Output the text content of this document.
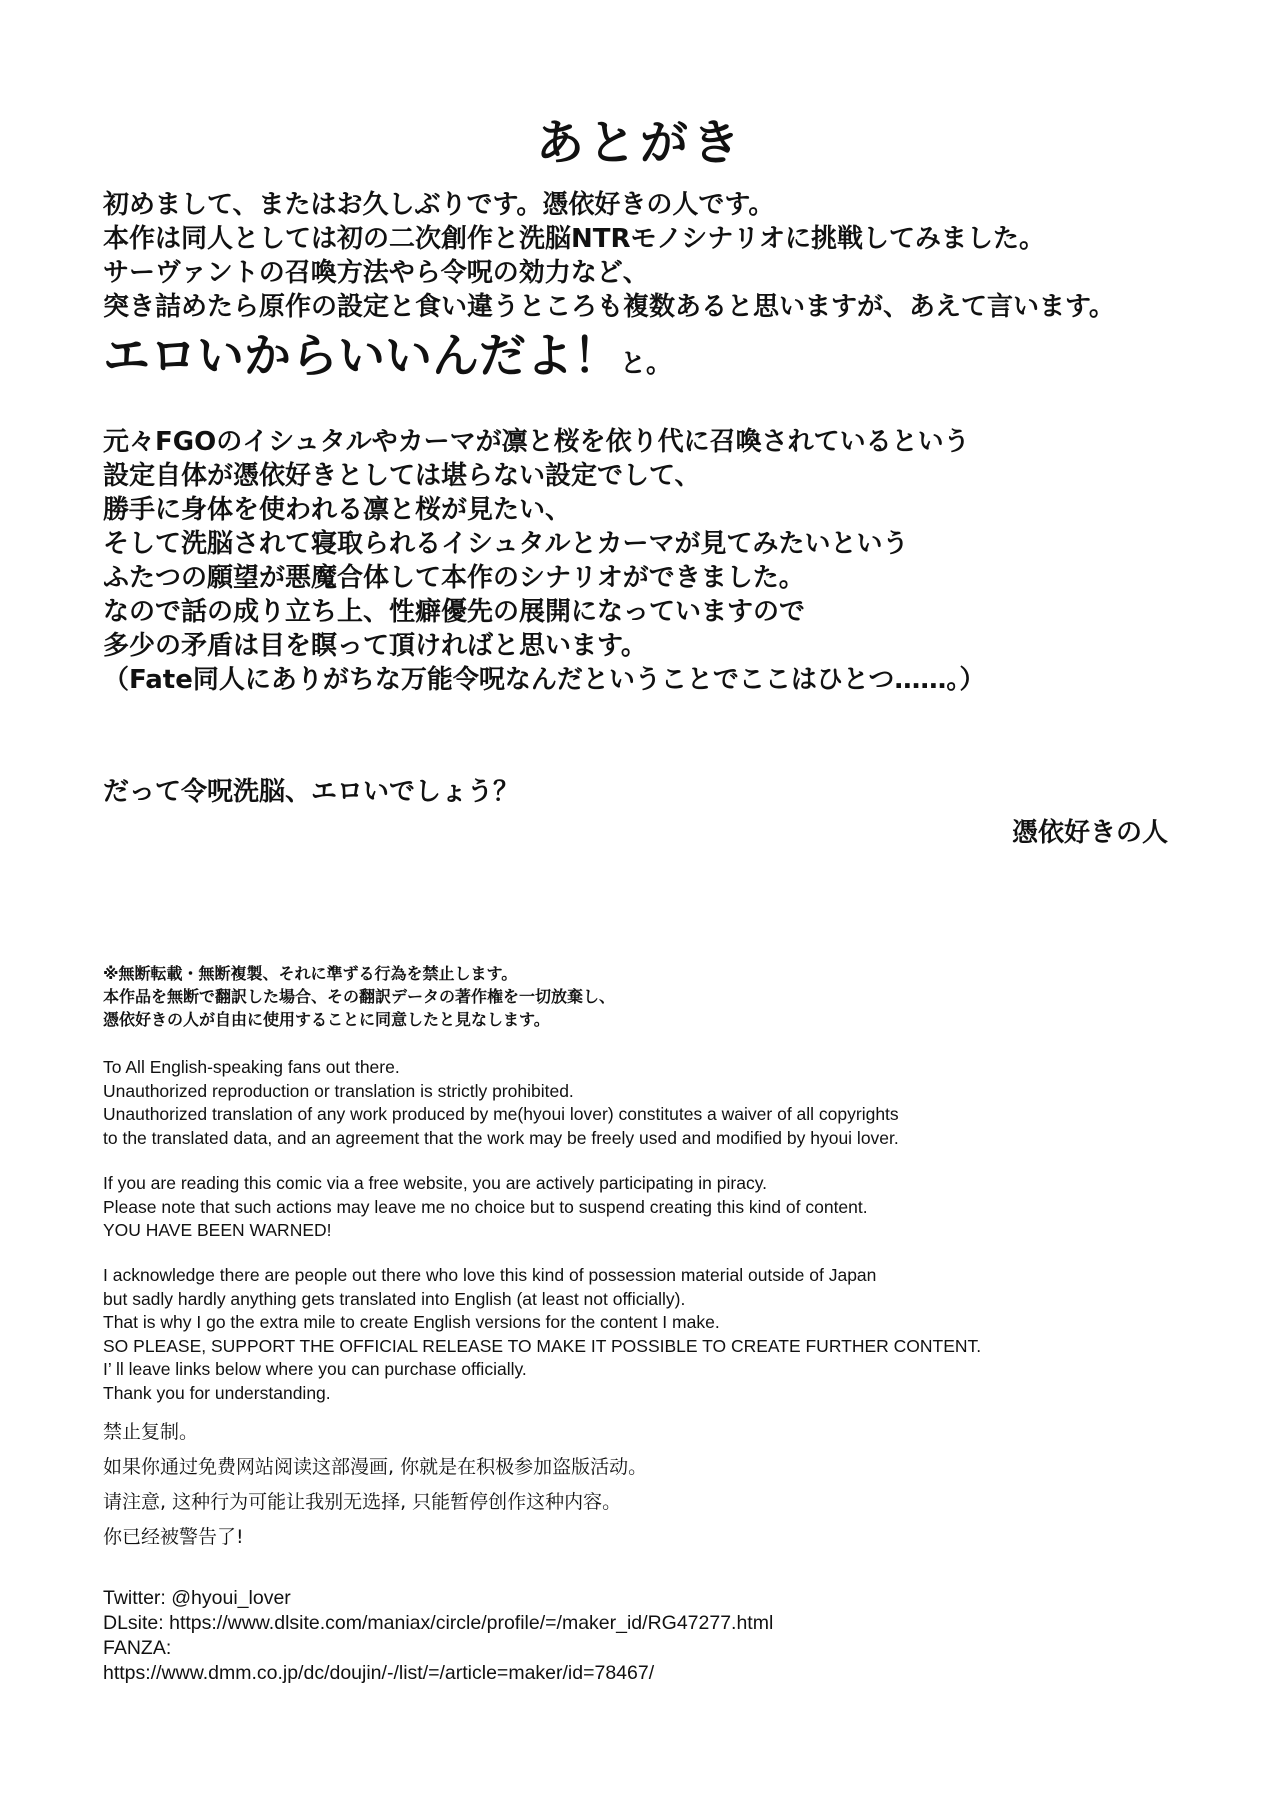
あとがき
初めまして、またはお久しぶりです。憑依好きの人です。
本作は同人としては初の二次創作と洗脳NTRモノシナリオに挑戦してみました。
サーヴァントの召喚方法やら令呪の効力など、
突き詰めたら原作の設定と食い違うところも複数あると思いますが、あえて言います。
エロいからいいんだよ！と。
元々FGOのイシュタルやカーマが凛と桜を依り代に召喚されているという
設定自体が憑依好きとしては堪らない設定でして、
勝手に身体を使われる凛と桜が見たい、
そして洗脳されて寝取られるイシュタルとカーマが見てみたいという
ふたつの願望が悪魔合体して本作のシナリオができました。
なので話の成り立ち上、性癖優先の展開になっていますので
多少の矛盾は目を瞑って頂ければと思います。
（Fate同人にありがちな万能令呪なんだということでここはひとつ……。）
だって令呪洗脳、エロいでしょう？
憑依好きの人
※無断転載・無断複製、それに準ずる行為を禁止します。
本作品を無断で翻訳した場合、その翻訳データの著作権を一切放棄し、
憑依好きの人が自由に使用することに同意したと見なします。
To All English-speaking fans out there.
Unauthorized reproduction or translation is strictly prohibited.
Unauthorized translation of any work produced by me(hyoui lover) constitutes a waiver of all copyrights
to the translated data, and an agreement that the work may be freely used and modified by hyoui lover.
If you are reading this comic via a free website, you are actively participating in piracy.
Please note that such actions may leave me no choice but to suspend creating this kind of content.
YOU HAVE BEEN WARNED!
I acknowledge there are people out there who love this kind of possession material outside of Japan
but sadly hardly anything gets translated into English (at least not officially).
That is why I go the extra mile to create English versions for the content I make.
SO PLEASE, SUPPORT THE OFFICIAL RELEASE TO MAKE IT POSSIBLE TO CREATE FURTHER CONTENT.
I’ ll leave links below where you can purchase officially.
Thank you for understanding.
禁止复制。
如果你通过免费网站阅读这部漫画, 你就是在积极参加盗版活动。
请注意, 这种行为可能让我别无选择, 只能暂停创作这种内容。
你已经被警告了!
Twitter: @hyoui_lover
DLsite: https://www.dlsite.com/maniax/circle/profile/=/maker_id/RG47277.html
FANZA:
https://www.dmm.co.jp/dc/doujin/-/list/=/article=maker/id=78467/
